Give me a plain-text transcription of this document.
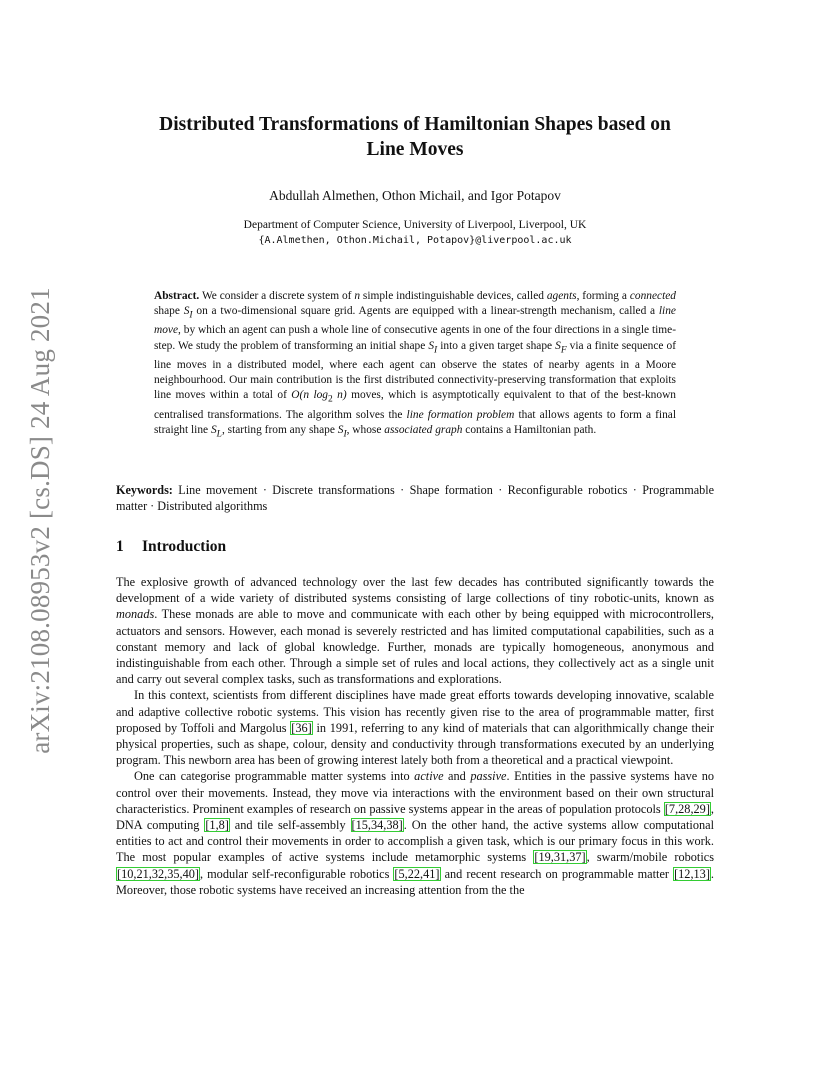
arXiv:2108.08953v2 [cs.DS] 24 Aug 2021
Distributed Transformations of Hamiltonian Shapes based on
Line Moves
Abdullah Almethen, Othon Michail, and Igor Potapov
Department of Computer Science, University of Liverpool, Liverpool, UK
{A.Almethen, Othon.Michail, Potapov}@liverpool.ac.uk
Abstract. We consider a discrete system of n simple indistinguishable devices, called agents, forming a connected shape $S_I$ on a two-dimensional square grid. Agents are equipped with a linear-strength mechanism, called a line move, by which an agent can push a whole line of consecutive agents in one of the four directions in a single time-step. We study the problem of transforming an initial shape $S_I$ into a given target shape $S_F$ via a finite sequence of line moves in a distributed model, where each agent can observe the states of nearby agents in a Moore neighbourhood. Our main contribution is the first distributed connectivity-preserving transformation that exploits line moves within a total of O(n $\log_2 n$) moves, which is asymptotically equivalent to that of the best-known centralised transformations. The algorithm solves the line formation problem that allows agents to form a final straight line $S_L$, starting from any shape $S_I$, whose associated graph contains a Hamiltonian path.
Keywords: Line movement · Discrete transformations · Shape formation · Reconfigurable robotics · Programmable matter · Distributed algorithms
1 Introduction

The explosive growth of advanced technology over the last few decades has contributed significantly towards the development of a wide variety of distributed systems consisting of large collections of tiny robotic-units, known as monads. These monads are able to move and communicate with each other by being equipped with microcontrollers, actuators and sensors. However, each monad is severely restricted and has limited computational capabilities, such as a constant memory and lack of global knowledge. Further, monads are typically homogeneous, anonymous and indistinguishable from each other. Through a simple set of rules and local actions, they collectively act as a single unit and carry out several complex tasks, such as transformations and explorations.

In this context, scientists from different disciplines have made great efforts towards developing innovative, scalable and adaptive collective robotic systems. This vision has recently given rise to the area of programmable matter, first proposed by Toffoli and Margolus [36] in 1991, referring to any kind of materials that can algorithmically change their physical properties, such as shape, colour, density and conductivity through transformations executed by an underlying program. This newborn area has been of growing interest lately both from a theoretical and a practical viewpoint.

One can categorise programmable matter systems into active and passive. Entities in the passive systems have no control over their movements. Instead, they move via interactions with the environment based on their own structural characteristics. Prominent examples of research on passive systems appear in the areas of population protocols [7,28,29], DNA computing [1,8] and tile self-assembly [15,34,38]. On the other hand, the active systems allow computational entities to act and control their movements in order to accomplish a given task, which is our primary focus in this work. The most popular examples of active systems include metamorphic systems [19,31,37], swarm/mobile robotics [10,21,32,35,40], modular self-reconfigurable robotics [5,22,41] and recent research on programmable matter [12,13]. Moreover, those robotic systems have received an increasing attention from the the
